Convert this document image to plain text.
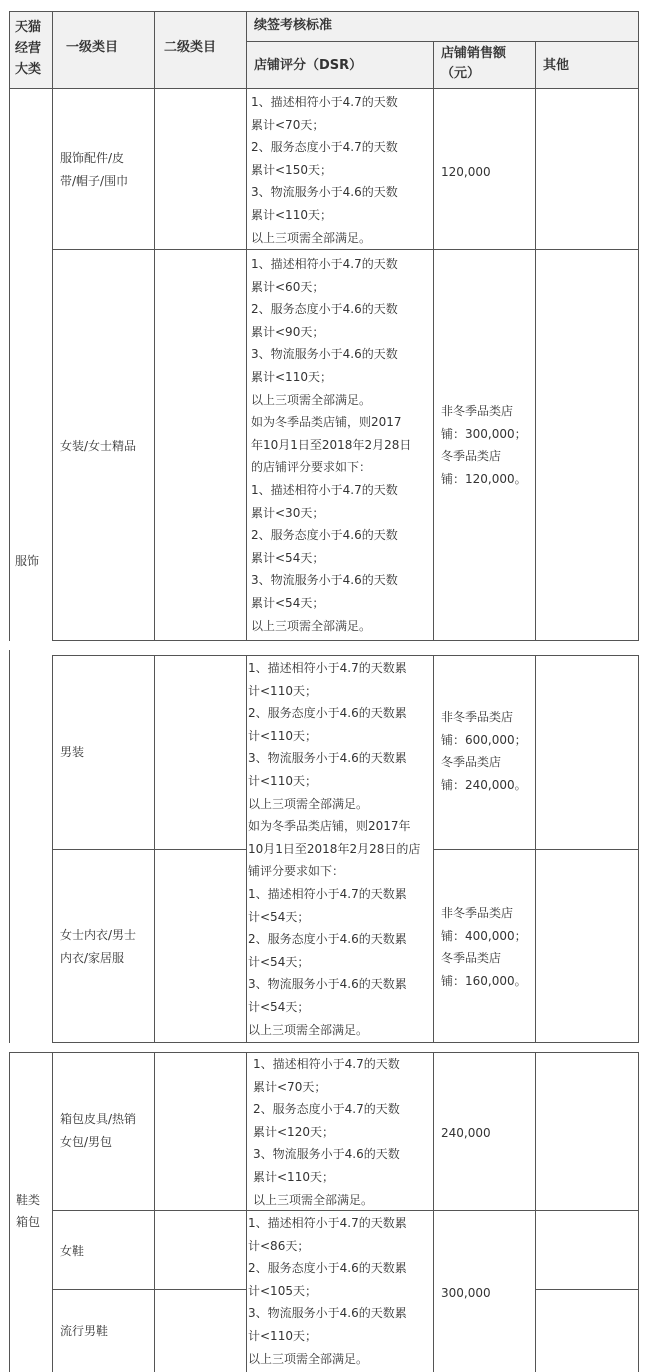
天猫
经营
大类
一级类目	二级类目
续签考核标准
店铺评分（DSR）
店铺销售额
（元）
其他
服饰
鞋类
箱包
服饰配件/皮
带/帽子/围巾
1、描述相符小于4.7的天数
累计<70天；
2、服务态度小于4.7的天数
累计<150天；
3、物流服务小于4.6的天数
累计<110天；
以上三项需全部满足。
120,000
女装/女士精品
1、描述相符小于4.7的天数
累计<60天；
2、服务态度小于4.6的天数
累计<90天；
3、物流服务小于4.6的天数
累计<110天；
以上三项需全部满足。
如为冬季品类店铺，则2017
年10月1日至2018年2月28日
的店铺评分要求如下：
1、描述相符小于4.7的天数
累计<30天；
2、服务态度小于4.6的天数
累计<54天；
3、物流服务小于4.6的天数
累计<54天；
以上三项需全部满足。
非冬季品类店
铺：300,000；
冬季品类店
铺：120,000。
男装
非冬季品类店
铺：600,000；
冬季品类店
铺：240,000。
1、描述相符小于4.7的天数累
计<110天；
2、服务态度小于4.6的天数累
计<110天；
3、物流服务小于4.6的天数累
计<110天；
以上三项需全部满足。
如为冬季品类店铺，则2017年
10月1日至2018年2月28日的店
铺评分要求如下：
1、描述相符小于4.7的天数累
计<54天；
2、服务态度小于4.6的天数累
计<54天；
3、物流服务小于4.6的天数累
计<54天；
以上三项需全部满足。
女士内衣/男士
内衣/家居服
非冬季品类店
铺：400,000；
冬季品类店
铺：160,000。
箱包皮具/热销
女包/男包
1、描述相符小于4.7的天数
累计<70天；
2、服务态度小于4.7的天数
累计<120天；
3、物流服务小于4.6的天数
累计<110天；
以上三项需全部满足。
240,000
女鞋
流行男鞋
1、描述相符小于4.7的天数累
计<86天；
2、服务态度小于4.6的天数累
计<105天；
3、物流服务小于4.6的天数累
计<110天；
以上三项需全部满足。
300,000
